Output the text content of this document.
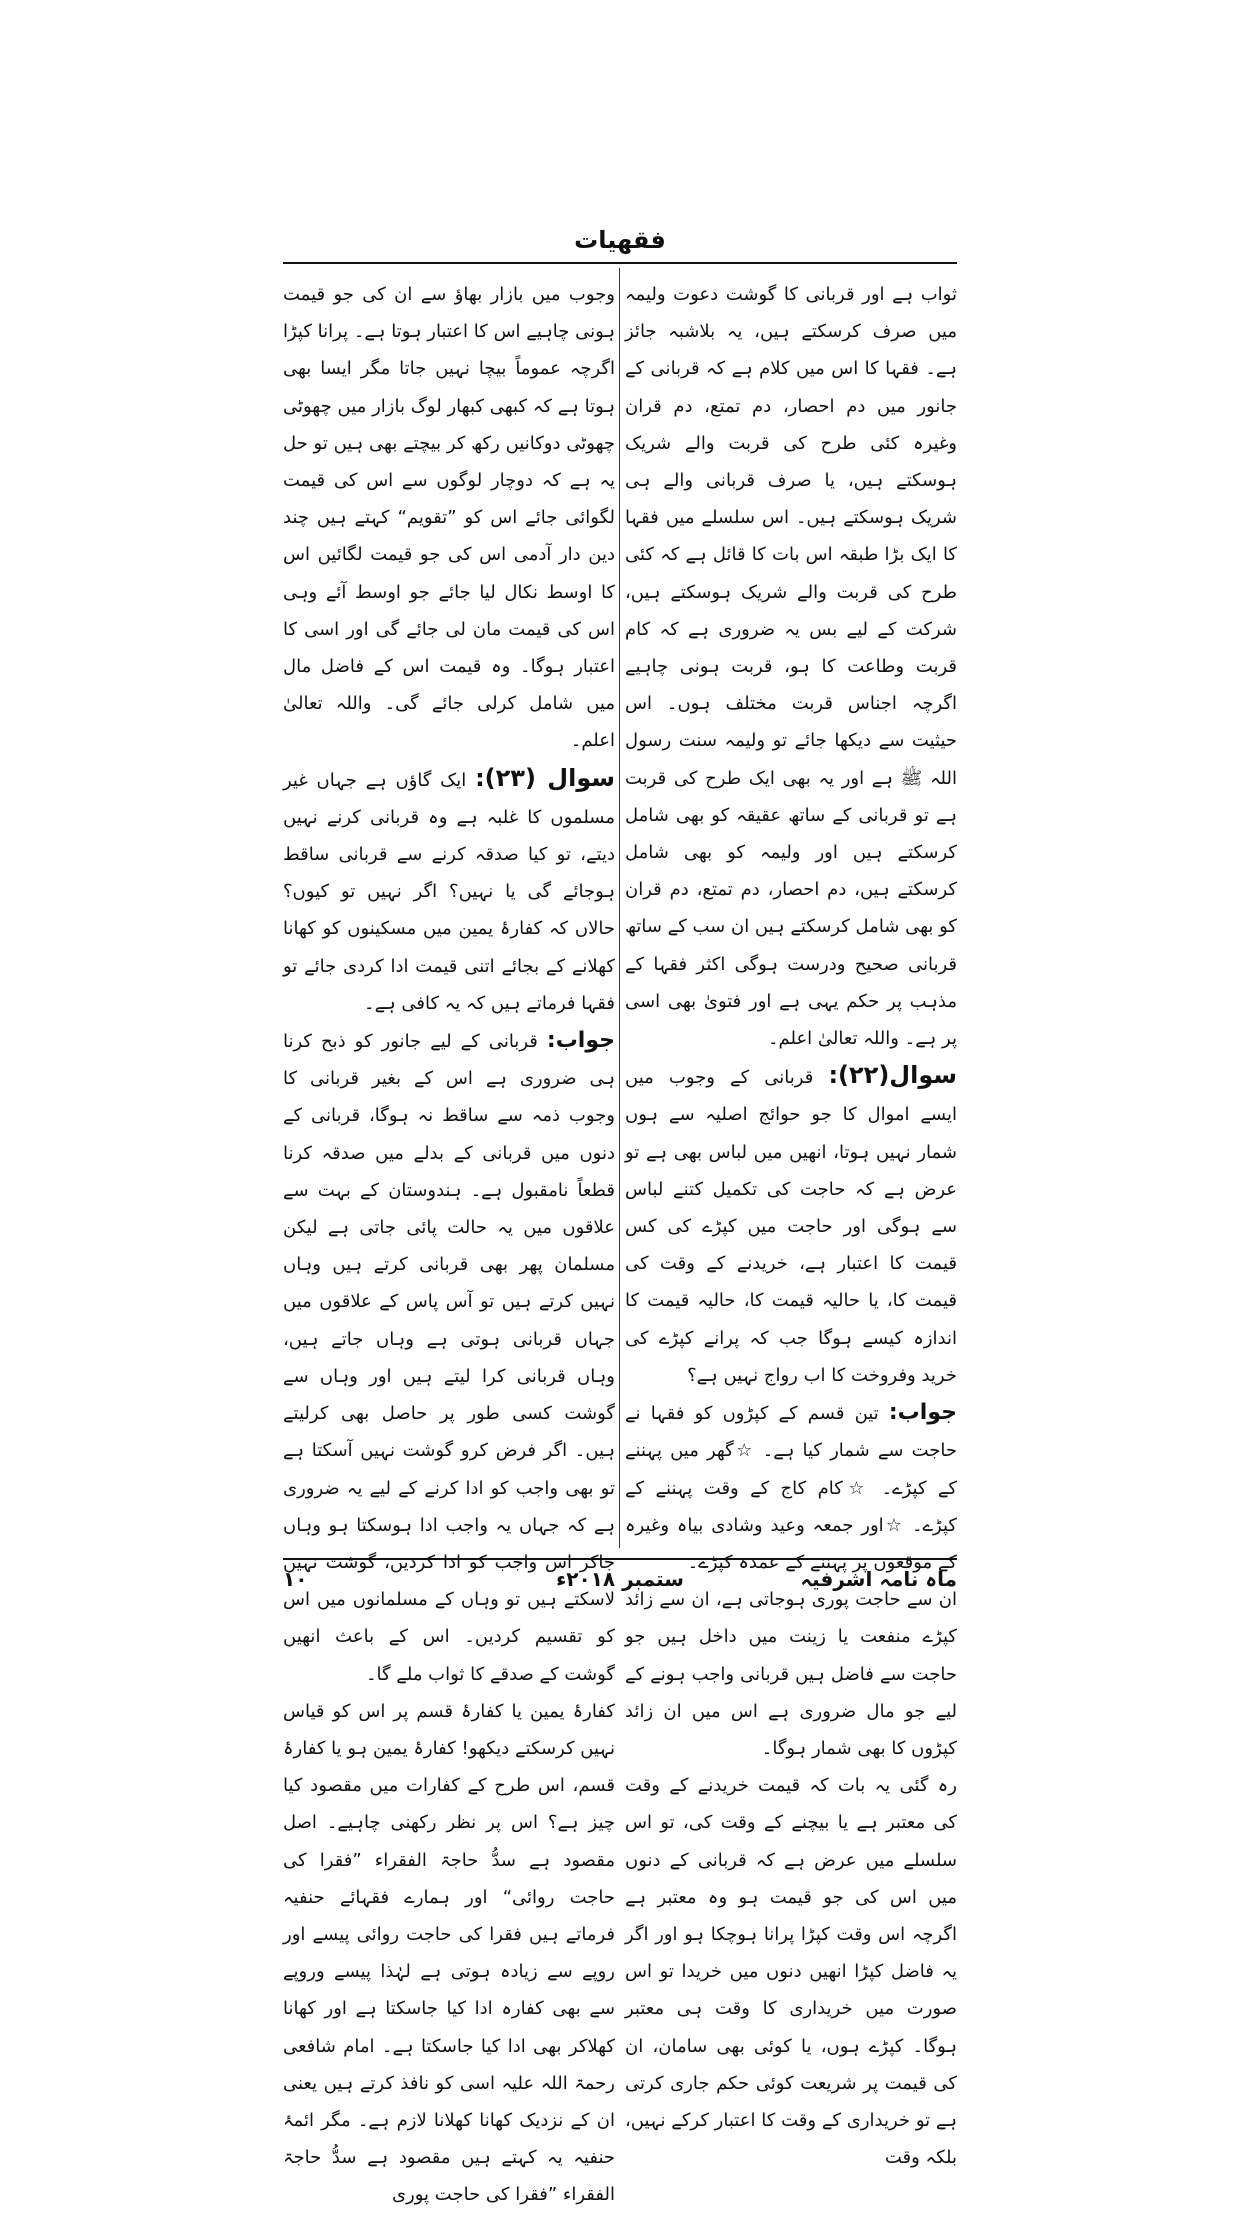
فقهيات

ثواب ہے اور قربانی کا گوشت دعوت ولیمہ میں صرف کرسکتے ہیں، یہ بلاشبہ جائز ہے۔ فقہا کا اس میں کلام ہے کہ قربانی کے جانور میں دم احصار، دم تمتع، دم قران وغیرہ کئی طرح کی قربت والے شریک ہوسکتے ہیں، یا صرف قربانی والے ہی شریک ہوسکتے ہیں۔ اس سلسلے میں فقہا کا ایک بڑا طبقہ اس بات کا قائل ہے کہ کئی طرح کی قربت والے شریک ہوسکتے ہیں، شرکت کے لیے بس یہ ضروری ہے کہ کام قربت وطاعت کا ہو، قربت ہونی چاہیے اگرچہ اجناس قربت مختلف ہوں۔ اس حیثیت سے دیکھا جائے تو ولیمہ سنت رسول اللہ ﷺ ہے اور یہ بھی ایک طرح کی قربت ہے تو قربانی کے ساتھ عقیقہ کو بھی شامل کرسکتے ہیں اور ولیمہ کو بھی شامل کرسکتے ہیں، دم احصار، دم تمتع، دم قران کو بھی شامل کرسکتے ہیں ان سب کے ساتھ قربانی صحیح ودرست ہوگی اکثر فقہا کے مذہب پر حکم یہی ہے اور فتویٰ بھی اسی پر ہے۔ واللہ تعالیٰ اعلم۔

سوال(۲۲): قربانی کے وجوب میں ایسے اموال کا جو حوائج اصلیہ سے ہوں شمار نہیں ہوتا، انھیں میں لباس بھی ہے تو عرض ہے کہ حاجت کی تکمیل کتنے لباس سے ہوگی اور حاجت میں کپڑے کی کس قیمت کا اعتبار ہے، خریدنے کے وقت کی قیمت کا، یا حالیہ قیمت کا، حالیہ قیمت کا اندازہ کیسے ہوگا جب کہ پرانے کپڑے کی خرید وفروخت کا اب رواج نہیں ہے؟

جواب: تین قسم کے کپڑوں کو فقہا نے حاجت سے شمار کیا ہے۔ ☆گھر میں پہننے کے کپڑے۔ ☆کام کاج کے وقت پہننے کے کپڑے۔ ☆اور جمعہ وعید وشادی بیاہ وغیرہ کے موقعوں پر پہننے کے عمدہ کپڑے۔

ان سے حاجت پوری ہوجاتی ہے، ان سے زائد کپڑے منفعت یا زینت میں داخل ہیں جو حاجت سے فاضل ہیں قربانی واجب ہونے کے لیے جو مال ضروری ہے اس میں ان زائد کپڑوں کا بھی شمار ہوگا۔

رہ گئی یہ بات کہ قیمت خریدنے کے وقت کی معتبر ہے یا بیچنے کے وقت کی، تو اس سلسلے میں عرض ہے کہ قربانی کے دنوں میں اس کی جو قیمت ہو وہ معتبر ہے اگرچہ اس وقت کپڑا پرانا ہوچکا ہو اور اگر یہ فاضل کپڑا انھیں دنوں میں خریدا تو اس صورت میں خریداری کا وقت ہی معتبر ہوگا۔ کپڑے ہوں، یا کوئی بھی سامان، ان کی قیمت پر شریعت کوئی حکم جاری کرتی ہے تو خریداری کے وقت کا اعتبار کرکے نہیں، بلکہ وقت

وجوب میں بازار بھاؤ سے ان کی جو قیمت ہونی چاہیے اس کا اعتبار ہوتا ہے۔ پرانا کپڑا اگرچہ عموماً بیچا نہیں جاتا مگر ایسا بھی ہوتا ہے کہ کبھی کبھار لوگ بازار میں چھوٹی چھوٹی دوکانیں رکھ کر بیچتے بھی ہیں تو حل یہ ہے کہ دوچار لوگوں سے اس کی قیمت لگوائی جائے اس کو ”تقویم“ کہتے ہیں چند دین دار آدمی اس کی جو قیمت لگائیں اس کا اوسط نکال لیا جائے جو اوسط آئے وہی اس کی قیمت مان لی جائے گی اور اسی کا اعتبار ہوگا۔ وہ قیمت اس کے فاضل مال میں شامل کرلی جائے گی۔ واللہ تعالیٰ اعلم۔

سوال (۲۳): ایک گاؤں ہے جہاں غیر مسلموں کا غلبہ ہے وہ قربانی کرنے نہیں دیتے، تو کیا صدقہ کرنے سے قربانی ساقط ہوجائے گی یا نہیں؟ اگر نہیں تو کیوں؟ حالاں کہ کفارۂ یمین میں مسکینوں کو کھانا کھلانے کے بجائے اتنی قیمت ادا کردی جائے تو فقہا فرماتے ہیں کہ یہ کافی ہے۔

جواب: قربانی کے لیے جانور کو ذبح کرنا ہی ضروری ہے اس کے بغیر قربانی کا وجوب ذمہ سے ساقط نہ ہوگا، قربانی کے دنوں میں قربانی کے بدلے میں صدقہ کرنا قطعاً نامقبول ہے۔ ہندوستان کے بہت سے علاقوں میں یہ حالت پائی جاتی ہے لیکن مسلمان پھر بھی قربانی کرتے ہیں وہاں نہیں کرتے ہیں تو آس پاس کے علاقوں میں جہاں قربانی ہوتی ہے وہاں جاتے ہیں، وہاں قربانی کرا لیتے ہیں اور وہاں سے گوشت کسی طور پر حاصل بھی کرلیتے ہیں۔ اگر فرض کرو گوشت نہیں آسکتا ہے تو بھی واجب کو ادا کرنے کے لیے یہ ضروری ہے کہ جہاں یہ واجب ادا ہوسکتا ہو وہاں جاکر اس واجب کو ادا کردیں، گوشت نہیں لاسکتے ہیں تو وہاں کے مسلمانوں میں اس کو تقسیم کردیں۔ اس کے باعث انھیں گوشت کے صدقے کا ثواب ملے گا۔

کفارۂ یمین یا کفارۂ قسم پر اس کو قیاس نہیں کرسکتے دیکھو! کفارۂ یمین ہو یا کفارۂ قسم، اس طرح کے کفارات میں مقصود کیا چیز ہے؟ اس پر نظر رکھنی چاہیے۔ اصل مقصود ہے سدُّ حاجۃ الفقراء ”فقرا کی حاجت روائی“ اور ہمارے فقہائے حنفیہ فرماتے ہیں فقرا کی حاجت روائی پیسے اور روپے سے زیادہ ہوتی ہے لہٰذا پیسے وروپے سے بھی کفارہ ادا کیا جاسکتا ہے اور کھانا کھلاکر بھی ادا کیا جاسکتا ہے۔ امام شافعی رحمۃ اللہ علیہ اسی کو نافذ کرتے ہیں یعنی ان کے نزدیک کھانا کھلانا لازم ہے۔ مگر ائمۂ حنفیہ یہ کہتے ہیں مقصود ہے سدُّ حاجۃ الفقراء ”فقرا کی حاجت پوری

ماہ نامہ اشرفیہ
ستمبر ۲۰۱۸ء
۱۰
